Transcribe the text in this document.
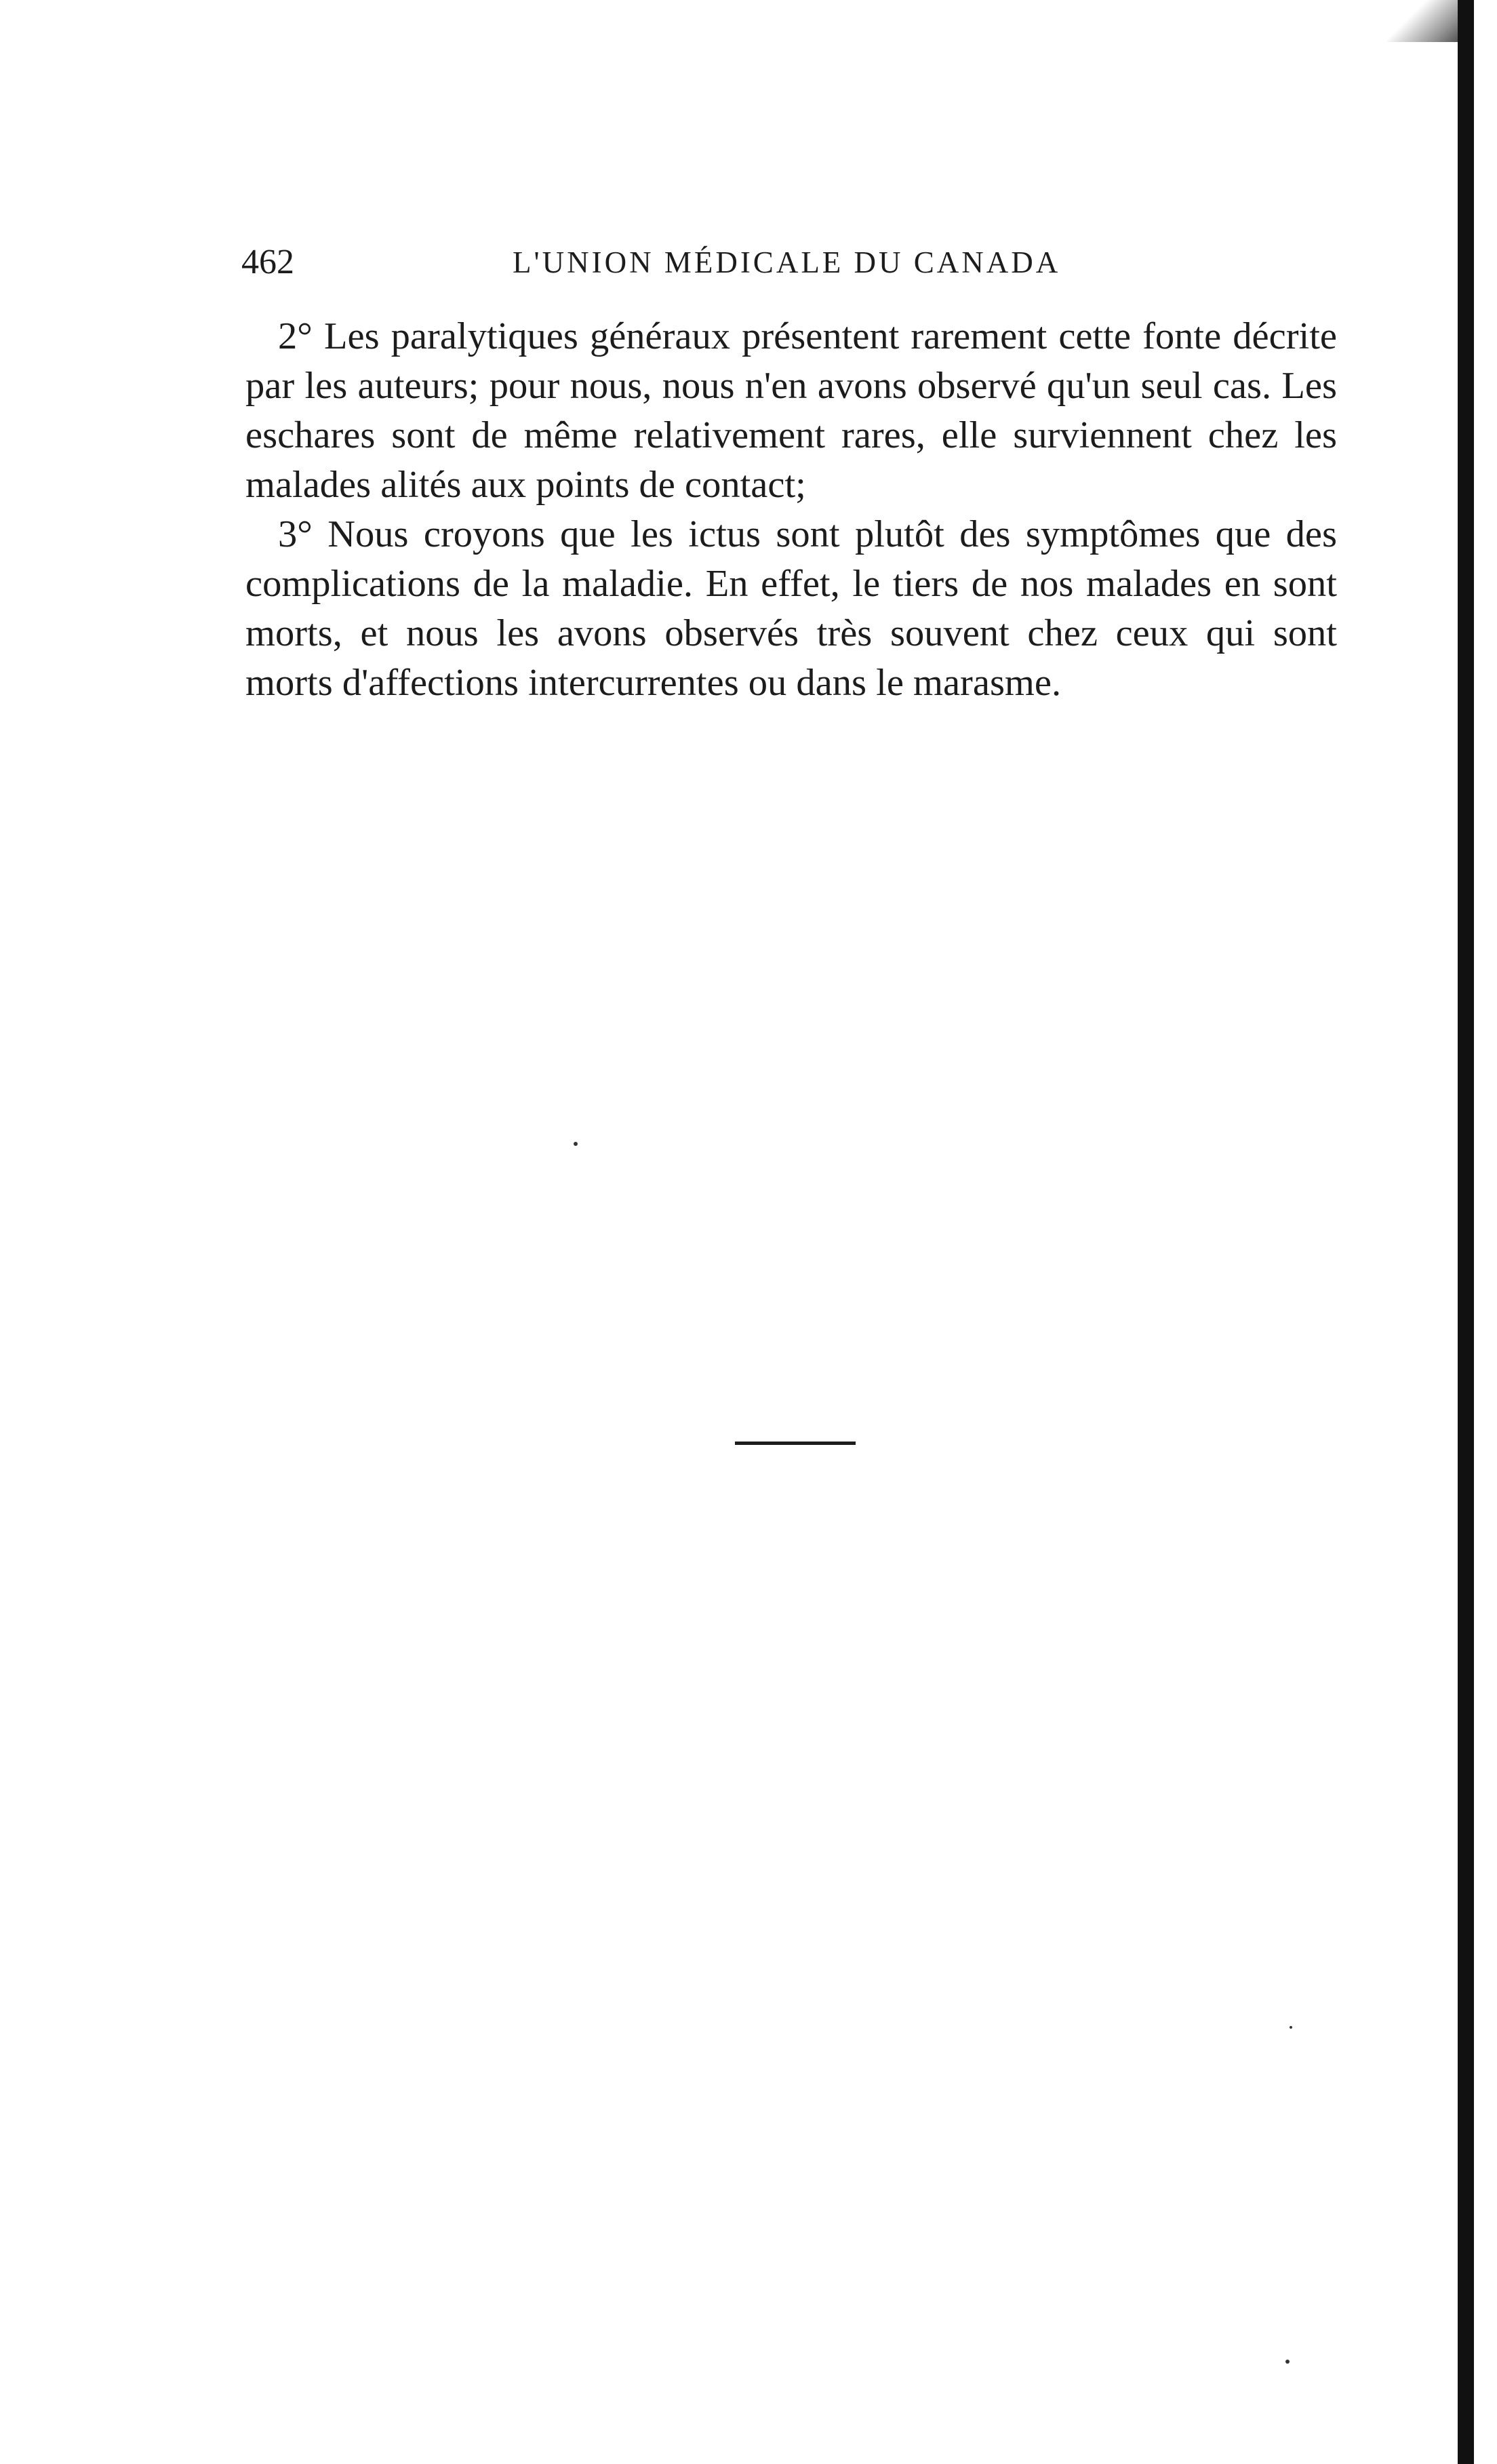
462	L'UNION MÉDICALE DU CANADA

2° Les paralytiques généraux présentent rarement cette fonte décrite par les auteurs; pour nous, nous n'en avons observé qu'un seul cas. Les eschares sont de même relativement rares, elle surviennent chez les malades alités aux points de contact;

3° Nous croyons que les ictus sont plutôt des symptômes que des complications de la maladie. En effet, le tiers de nos malades en sont morts, et nous les avons observés très souvent chez ceux qui sont morts d'affections intercurrentes ou dans le marasme.
